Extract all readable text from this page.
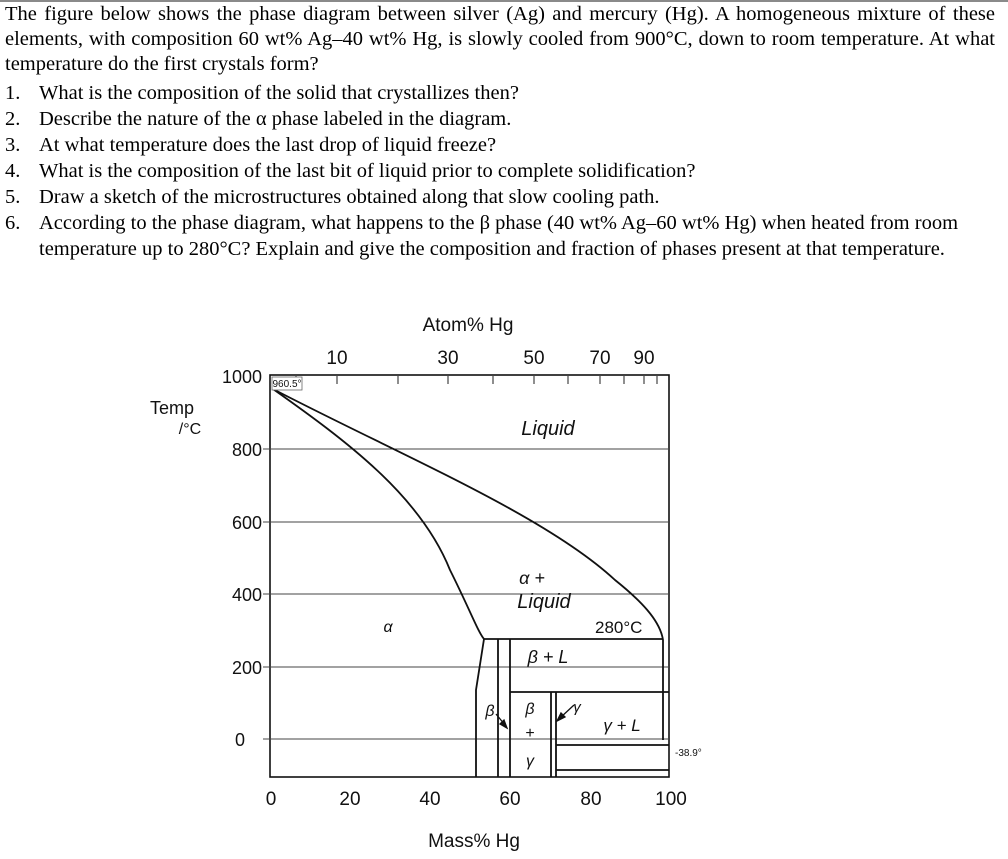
The figure below shows the phase diagram between silver (Ag) and mercury (Hg). A homogeneous mixture of these elements, with composition 60 wt% Ag–40 wt% Hg, is slowly cooled from 900°C, down to room temperature. At what temperature do the first crystals form?
1. What is the composition of the solid that crystallizes then?
2. Describe the nature of the α phase labeled in the diagram.
3. At what temperature does the last drop of liquid freeze?
4. What is the composition of the last bit of liquid prior to complete solidification?
5. Draw a sketch of the microstructures obtained along that slow cooling path.
6. According to the phase diagram, what happens to the β phase (40 wt% Ag–60 wt% Hg) when heated from room temperature up to 280°C? Explain and give the composition and fraction of phases present at that temperature.
Atom% Hg
Temp
/°C
Mass% Hg
10	30	50 70 90
1000
800
600
400
200
0
0	20	40	60	80	100
Liquid
α
α +
Liquid
β + L
β β
+
γ
γ
γ + L
960.5°
-38.9°
280°C
